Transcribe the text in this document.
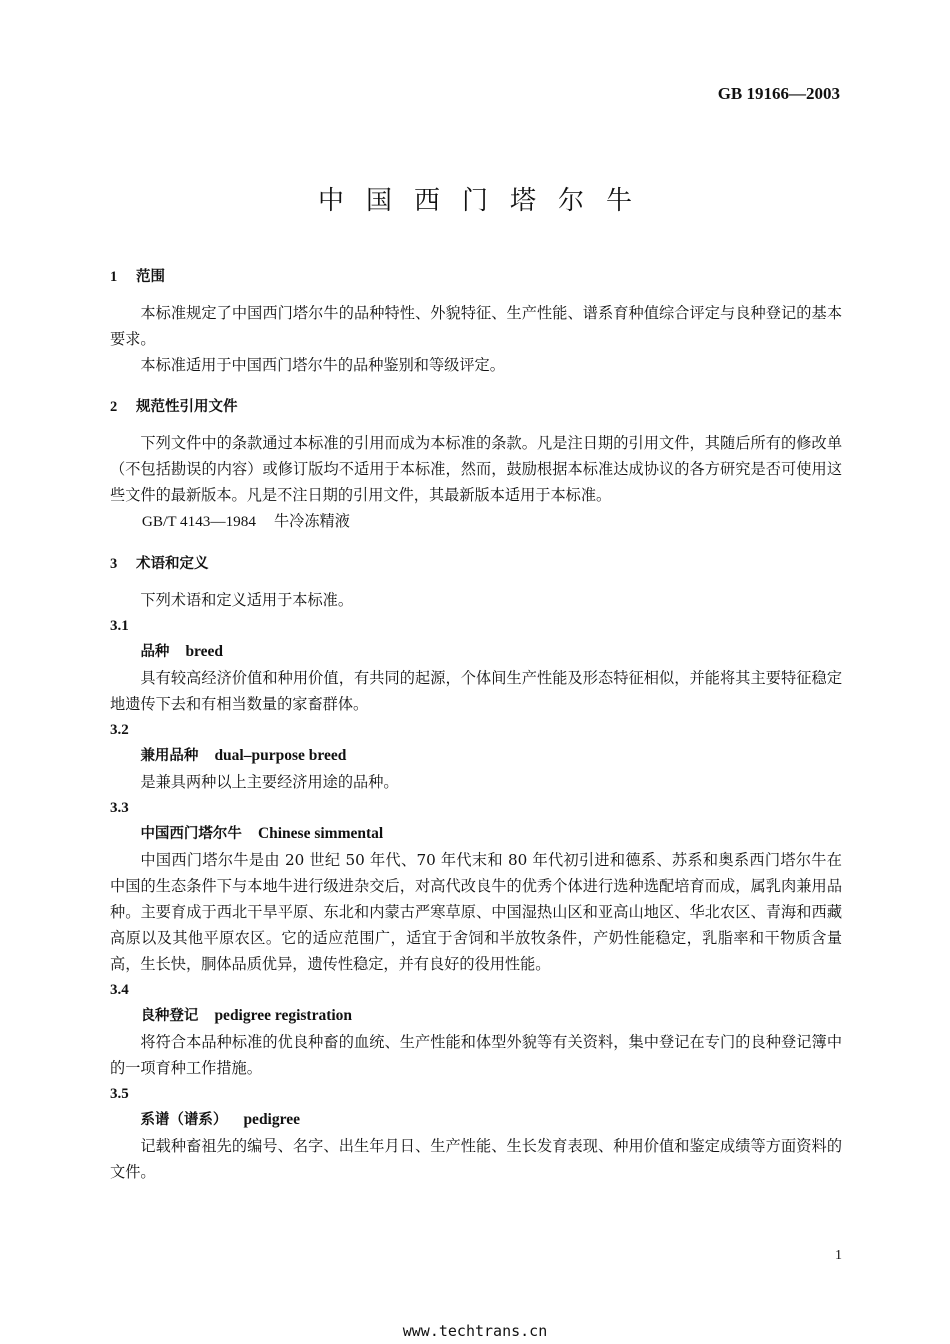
GB 19166—2003
中国西门塔尔牛

1 范围

本标准规定了中国西门塔尔牛的品种特性、外貌特征、生产性能、谱系育种值综合评定与良种登记的基本要求。

本标准适用于中国西门塔尔牛的品种鉴别和等级评定。

2 规范性引用文件

下列文件中的条款通过本标准的引用而成为本标准的条款。凡是注日期的引用文件，其随后所有的修改单（不包括勘误的内容）或修订版均不适用于本标准，然而，鼓励根据本标准达成协议的各方研究是否可使用这些文件的最新版本。凡是不注日期的引用文件，其最新版本适用于本标准。

GB/T 4143—1984 牛冷冻精液

3 术语和定义

下列术语和定义适用于本标准。

3.1

品种 breed

具有较高经济价值和种用价值，有共同的起源，个体间生产性能及形态特征相似，并能将其主要特征稳定地遗传下去和有相当数量的家畜群体。

3.2

兼用品种 dual–purpose breed

是兼具两种以上主要经济用途的品种。

3.3

中国西门塔尔牛 Chinese simmental

中国西门塔尔牛是由 20 世纪 50 年代、70 年代末和 80 年代初引进和德系、苏系和奥系西门塔尔牛在中国的生态条件下与本地牛进行级进杂交后，对高代改良牛的优秀个体进行选种选配培育而成，属乳肉兼用品种。主要育成于西北干旱平原、东北和内蒙古严寒草原、中国湿热山区和亚高山地区、华北农区、青海和西藏高原以及其他平原农区。它的适应范围广，适宜于舍饲和半放牧条件，产奶性能稳定，乳脂率和干物质含量高，生长快，胴体品质优异，遗传性稳定，并有良好的役用性能。

3.4

良种登记 pedigree registration

将符合本品种标准的优良种畜的血统、生产性能和体型外貌等有关资料，集中登记在专门的良种登记簿中的一项育种工作措施。

3.5

系谱（谱系） pedigree

记载种畜祖先的编号、名字、出生年月日、生产性能、生长发育表现、种用价值和鉴定成绩等方面资料的文件。

1
www.techtrans.cn
